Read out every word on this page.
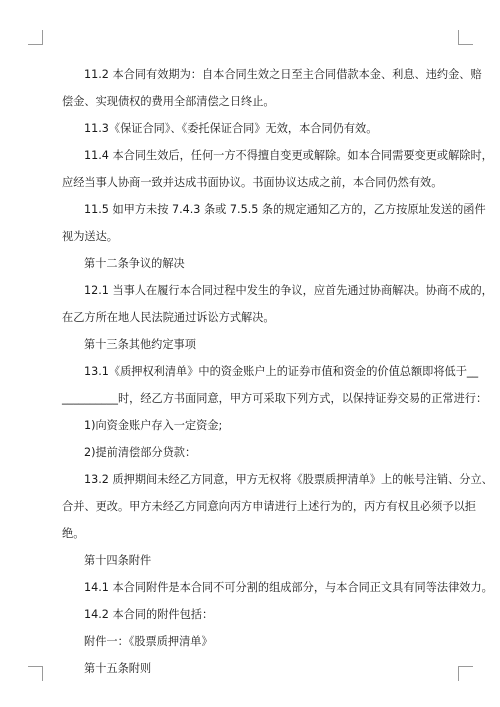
11.2 本合同有效期为：自本合同生效之日至主合同借款本金、利息、违约金、赔
偿金、实现债权的费用全部清偿之日终止。
11.3《保证合同》、《委托保证合同》无效，本合同仍有效。
11.4 本合同生效后，任何一方不得擅自变更或解除。如本合同需要变更或解除时，
应经当事人协商一致并达成书面协议。书面协议达成之前，本合同仍然有效。
11.5 如甲方未按 7.4.3 条或 7.5.5 条的规定通知乙方的，乙方按原址发送的函件
视为送达。
第十二条争议的解决
12.1 当事人在履行本合同过程中发生的争议，应首先通过协商解决。协商不成的，
在乙方所在地人民法院通过诉讼方式解决。
第十三条其他约定事项
13.1《质押权利清单》中的资金账户上的证券市值和资金的价值总额即将低于__
__________时，经乙方书面同意，甲方可采取下列方式，以保持证券交易的正常进行：
1)向资金账户存入一定资金;
2)提前清偿部分贷款：
13.2 质押期间未经乙方同意，甲方无权将《股票质押清单》上的帐号注销、分立、
合并、更改。甲方未经乙方同意向丙方申请进行上述行为的，丙方有权且必须予以拒
绝。
第十四条附件
14.1 本合同附件是本合同不可分割的组成部分，与本合同正文具有同等法律效力。
14.2 本合同的附件包括：
附件一：《股票质押清单》
第十五条附则
